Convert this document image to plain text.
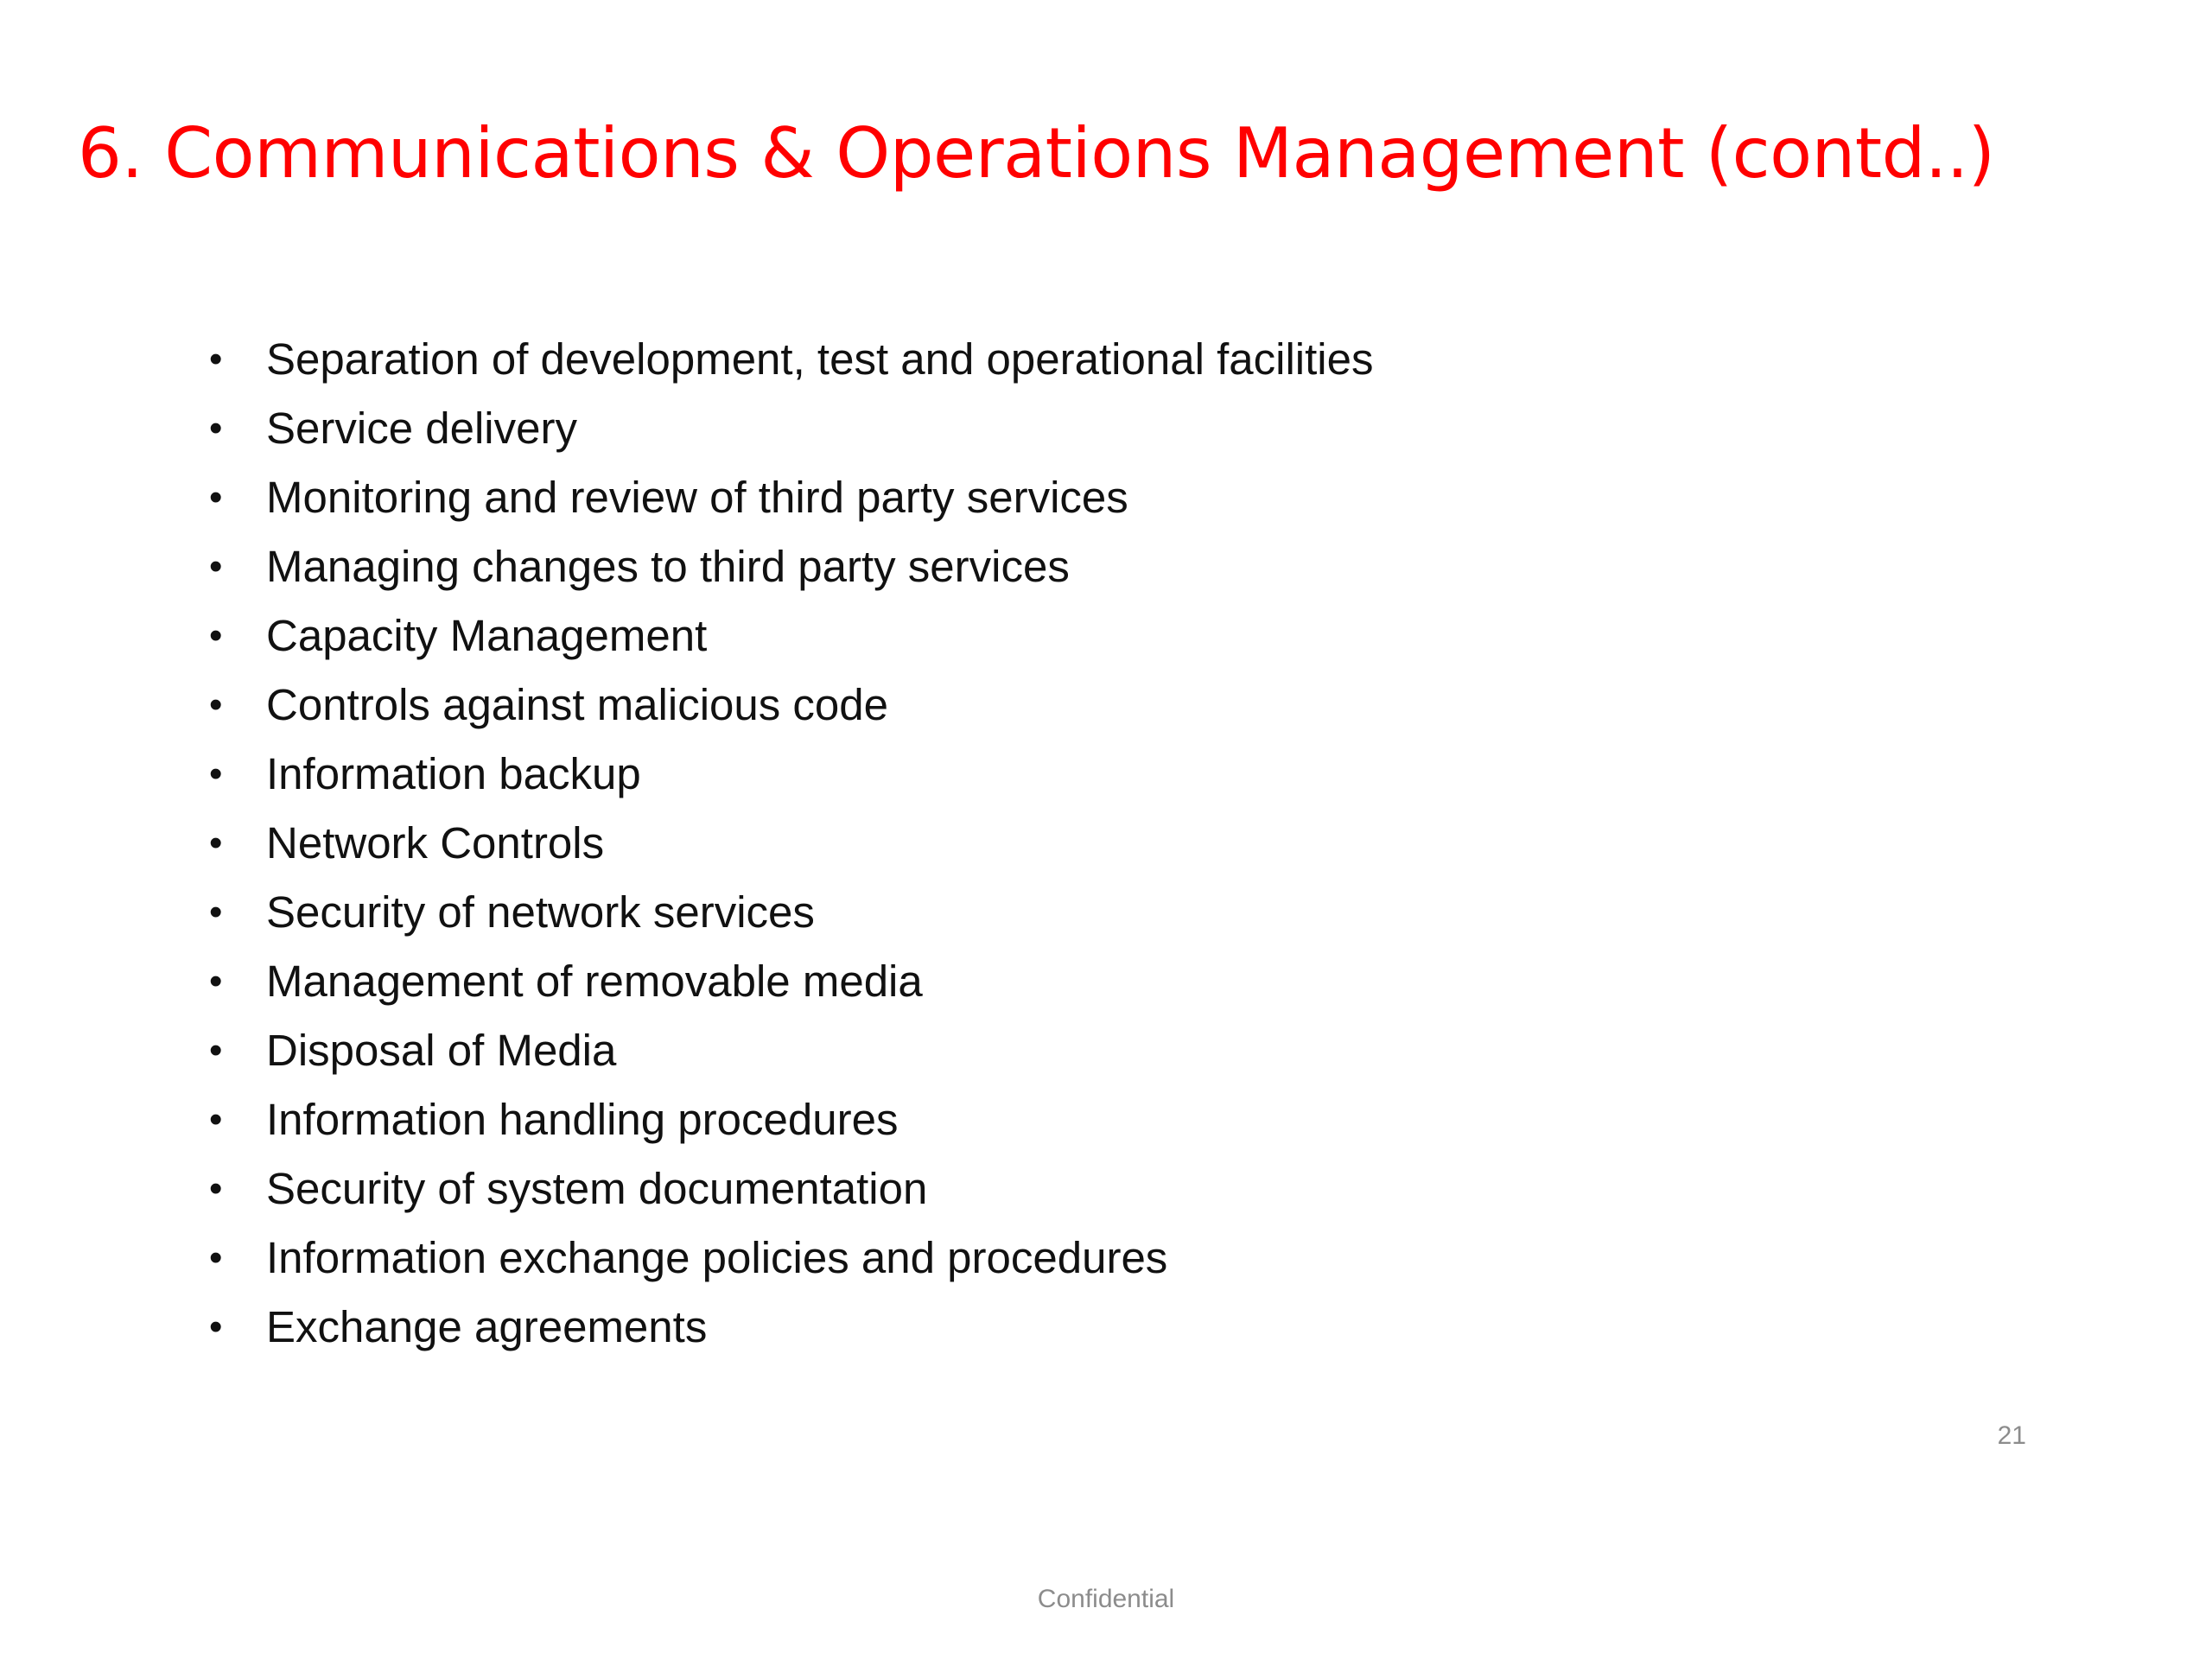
6. Communications & Operations Management (contd..)
• Separation of development, test and operational facilities
• Service delivery
• Monitoring and review of third party services
• Managing changes to third party services
• Capacity Management
• Controls against malicious code
• Information backup
• Network Controls
• Security of network services
• Management of removable media
• Disposal of Media
• Information handling procedures
• Security of system documentation
• Information exchange policies and procedures
• Exchange agreements
21
Confidential
